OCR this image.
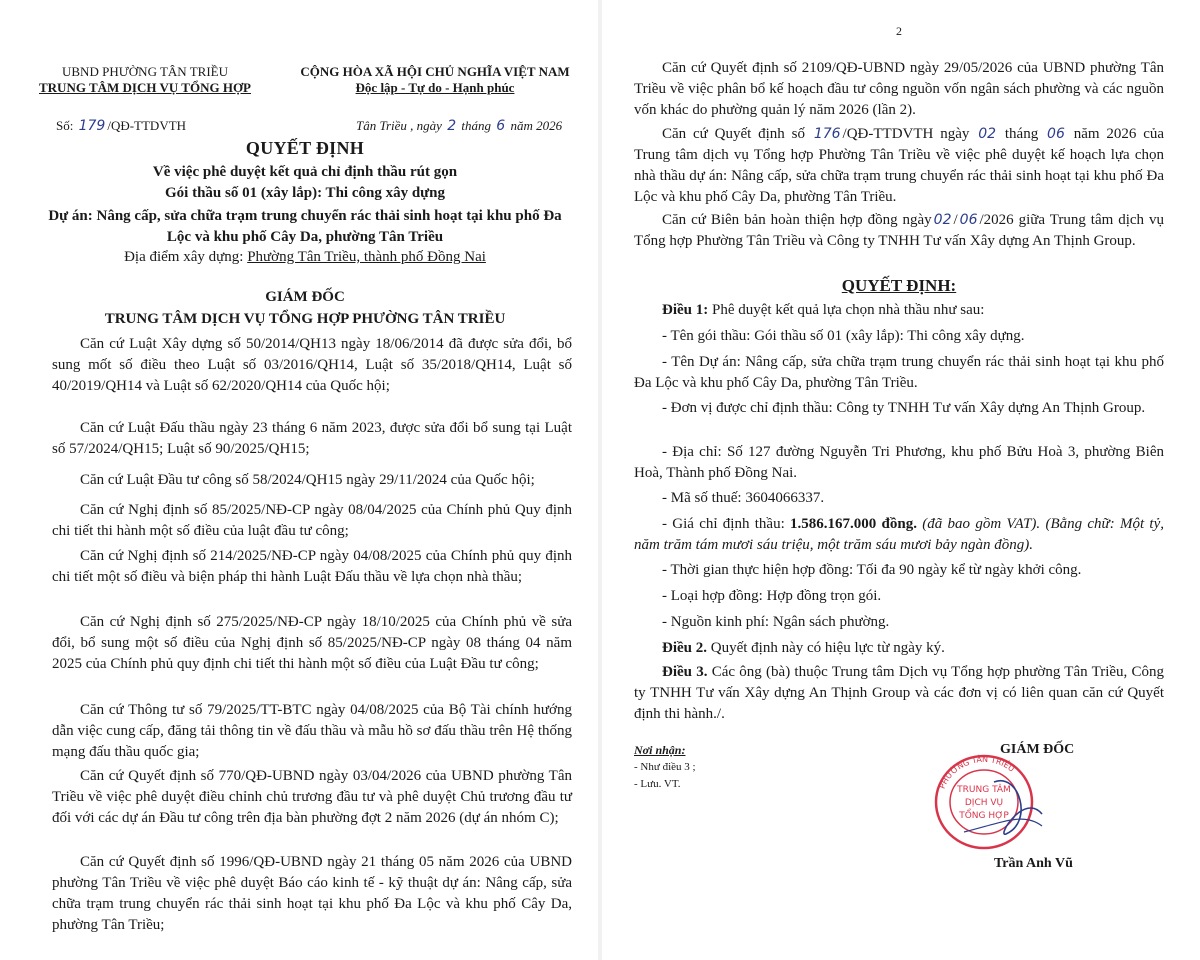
UBND PHƯỜNG TÂN TRIỀU
TRUNG TÂM DỊCH VỤ TỔNG HỢP
CỘNG HÒA XÃ HỘI CHỦ NGHĨA VIỆT NAM
Độc lập - Tự do - Hạnh phúc
Số: 179 /QĐ-TTDVTH	Tân Triều , ngày 2 tháng 6 năm 2026
QUYẾT ĐỊNH
Về việc phê duyệt kết quả chỉ định thầu rút gọn
Gói thầu số 01 (xây lắp): Thi công xây dựng
Dự án: Nâng cấp, sửa chữa trạm trung chuyển rác thải sinh hoạt tại khu phố Đa Lộc và khu phố Cây Da, phường Tân Triều
Địa điểm xây dựng: Phường Tân Triều, thành phố Đồng Nai
GIÁM ĐỐC
TRUNG TÂM DỊCH VỤ TỔNG HỢP PHƯỜNG TÂN TRIỀU
Căn cứ Luật Xây dựng số 50/2014/QH13 ngày 18/06/2014 đã được sửa đổi, bổ sung mốt số điều theo Luật số 03/2016/QH14, Luật số 35/2018/QH14, Luật số 40/2019/QH14 và Luật số 62/2020/QH14 của Quốc hội;
Căn cứ Luật Đấu thầu ngày 23 tháng 6 năm 2023, được sửa đổi bổ sung tại Luật số 57/2024/QH15; Luật số 90/2025/QH15;
Căn cứ Luật Đầu tư công số 58/2024/QH15 ngày 29/11/2024 của Quốc hội;
Căn cứ Nghị định số 85/2025/NĐ-CP ngày 08/04/2025 của Chính phủ Quy định chi tiết thi hành một số điều của luật đầu tư công;
Căn cứ Nghị định số 214/2025/NĐ-CP ngày 04/08/2025 của Chính phủ quy định chi tiết một số điều và biện pháp thi hành Luật Đấu thầu về lựa chọn nhà thầu;
Căn cứ Nghị định số 275/2025/NĐ-CP ngày 18/10/2025 của Chính phủ về sửa đổi, bổ sung một số điều của Nghị định số 85/2025/NĐ-CP ngày 08 tháng 04 năm 2025 của Chính phủ quy định chi tiết thi hành một số điều của Luật Đầu tư công;
Căn cứ Thông tư số 79/2025/TT-BTC ngày 04/08/2025 của Bộ Tài chính hướng dẫn việc cung cấp, đăng tải thông tin về đấu thầu và mẫu hồ sơ đấu thầu trên Hệ thống mạng đấu thầu quốc gia;
Căn cứ Quyết định số 770/QĐ-UBND ngày 03/04/2026 của UBND phường Tân Triều về việc phê duyệt điều chỉnh chủ trương đầu tư và phê duyệt Chủ trương đầu tư đối với các dự án Đầu tư công trên địa bàn phường đợt 2 năm 2026 (dự án nhóm C);
Căn cứ Quyết định số 1996/QĐ-UBND ngày 21 tháng 05 năm 2026 của UBND phường Tân Triều về việc phê duyệt Báo cáo kinh tế - kỹ thuật dự án: Nâng cấp, sửa chữa trạm trung chuyển rác thải sinh hoạt tại khu phố Đa Lộc và khu phố Cây Da, phường Tân Triều;
2
Căn cứ Quyết định số 2109/QĐ-UBND ngày 29/05/2026 của UBND phường Tân Triều về việc phân bổ kế hoạch đầu tư công nguồn vốn ngân sách phường và các nguồn vốn khác do phường quản lý năm 2026 (lần 2).
Căn cứ Quyết định số 176 /QĐ-TTDVTH ngày 02 tháng 06 năm 2026 của Trung tâm dịch vụ Tổng hợp Phường Tân Triều về việc phê duyệt kế hoạch lựa chọn nhà thầu dự án: Nâng cấp, sửa chữa trạm trung chuyển rác thải sinh hoạt tại khu phố Đa Lộc và khu phố Cây Da, phường Tân Triều.
Căn cứ Biên bản hoàn thiện hợp đồng ngày 02 / 06 /2026 giữa Trung tâm dịch vụ Tổng hợp Phường Tân Triều và Công ty TNHH Tư vấn Xây dựng An Thịnh Group.
QUYẾT ĐỊNH:
Điều 1: Phê duyệt kết quả lựa chọn nhà thầu như sau:
- Tên gói thầu: Gói thầu số 01 (xây lắp): Thi công xây dựng.
- Tên Dự án: Nâng cấp, sửa chữa trạm trung chuyển rác thải sinh hoạt tại khu phố Đa Lộc và khu phố Cây Da, phường Tân Triều.
- Đơn vị được chỉ định thầu: Công ty TNHH Tư vấn Xây dựng An Thịnh Group.
- Địa chỉ: Số 127 đường Nguyễn Tri Phương, khu phố Bửu Hoà 3, phường Biên Hoà, Thành phố Đồng Nai.
- Mã số thuế: 3604066337.
- Giá chỉ định thầu: 1.586.167.000 đồng. (đã bao gồm VAT). (Bằng chữ: Một tỷ, năm trăm tám mươi sáu triệu, một trăm sáu mươi bảy ngàn đồng).
- Thời gian thực hiện hợp đồng: Tối đa 90 ngày kể từ ngày khởi công.
- Loại hợp đồng: Hợp đồng trọn gói.
- Nguồn kinh phí: Ngân sách phường.
Điều 2. Quyết định này có hiệu lực từ ngày ký.
Điều 3. Các ông (bà) thuộc Trung tâm Dịch vụ Tổng hợp phường Tân Triều, Công ty TNHH Tư vấn Xây dựng An Thịnh Group và các đơn vị có liên quan căn cứ Quyết định thi hành./.
Nơi nhận:
- Như điều 3 ;
- Lưu. VT.
GIÁM ĐỐC
PHƯỜNG TÂN TRIỀU
TRUNG TÂM
DỊCH VỤ
TỔNG HỢP
Trần Anh Vũ
